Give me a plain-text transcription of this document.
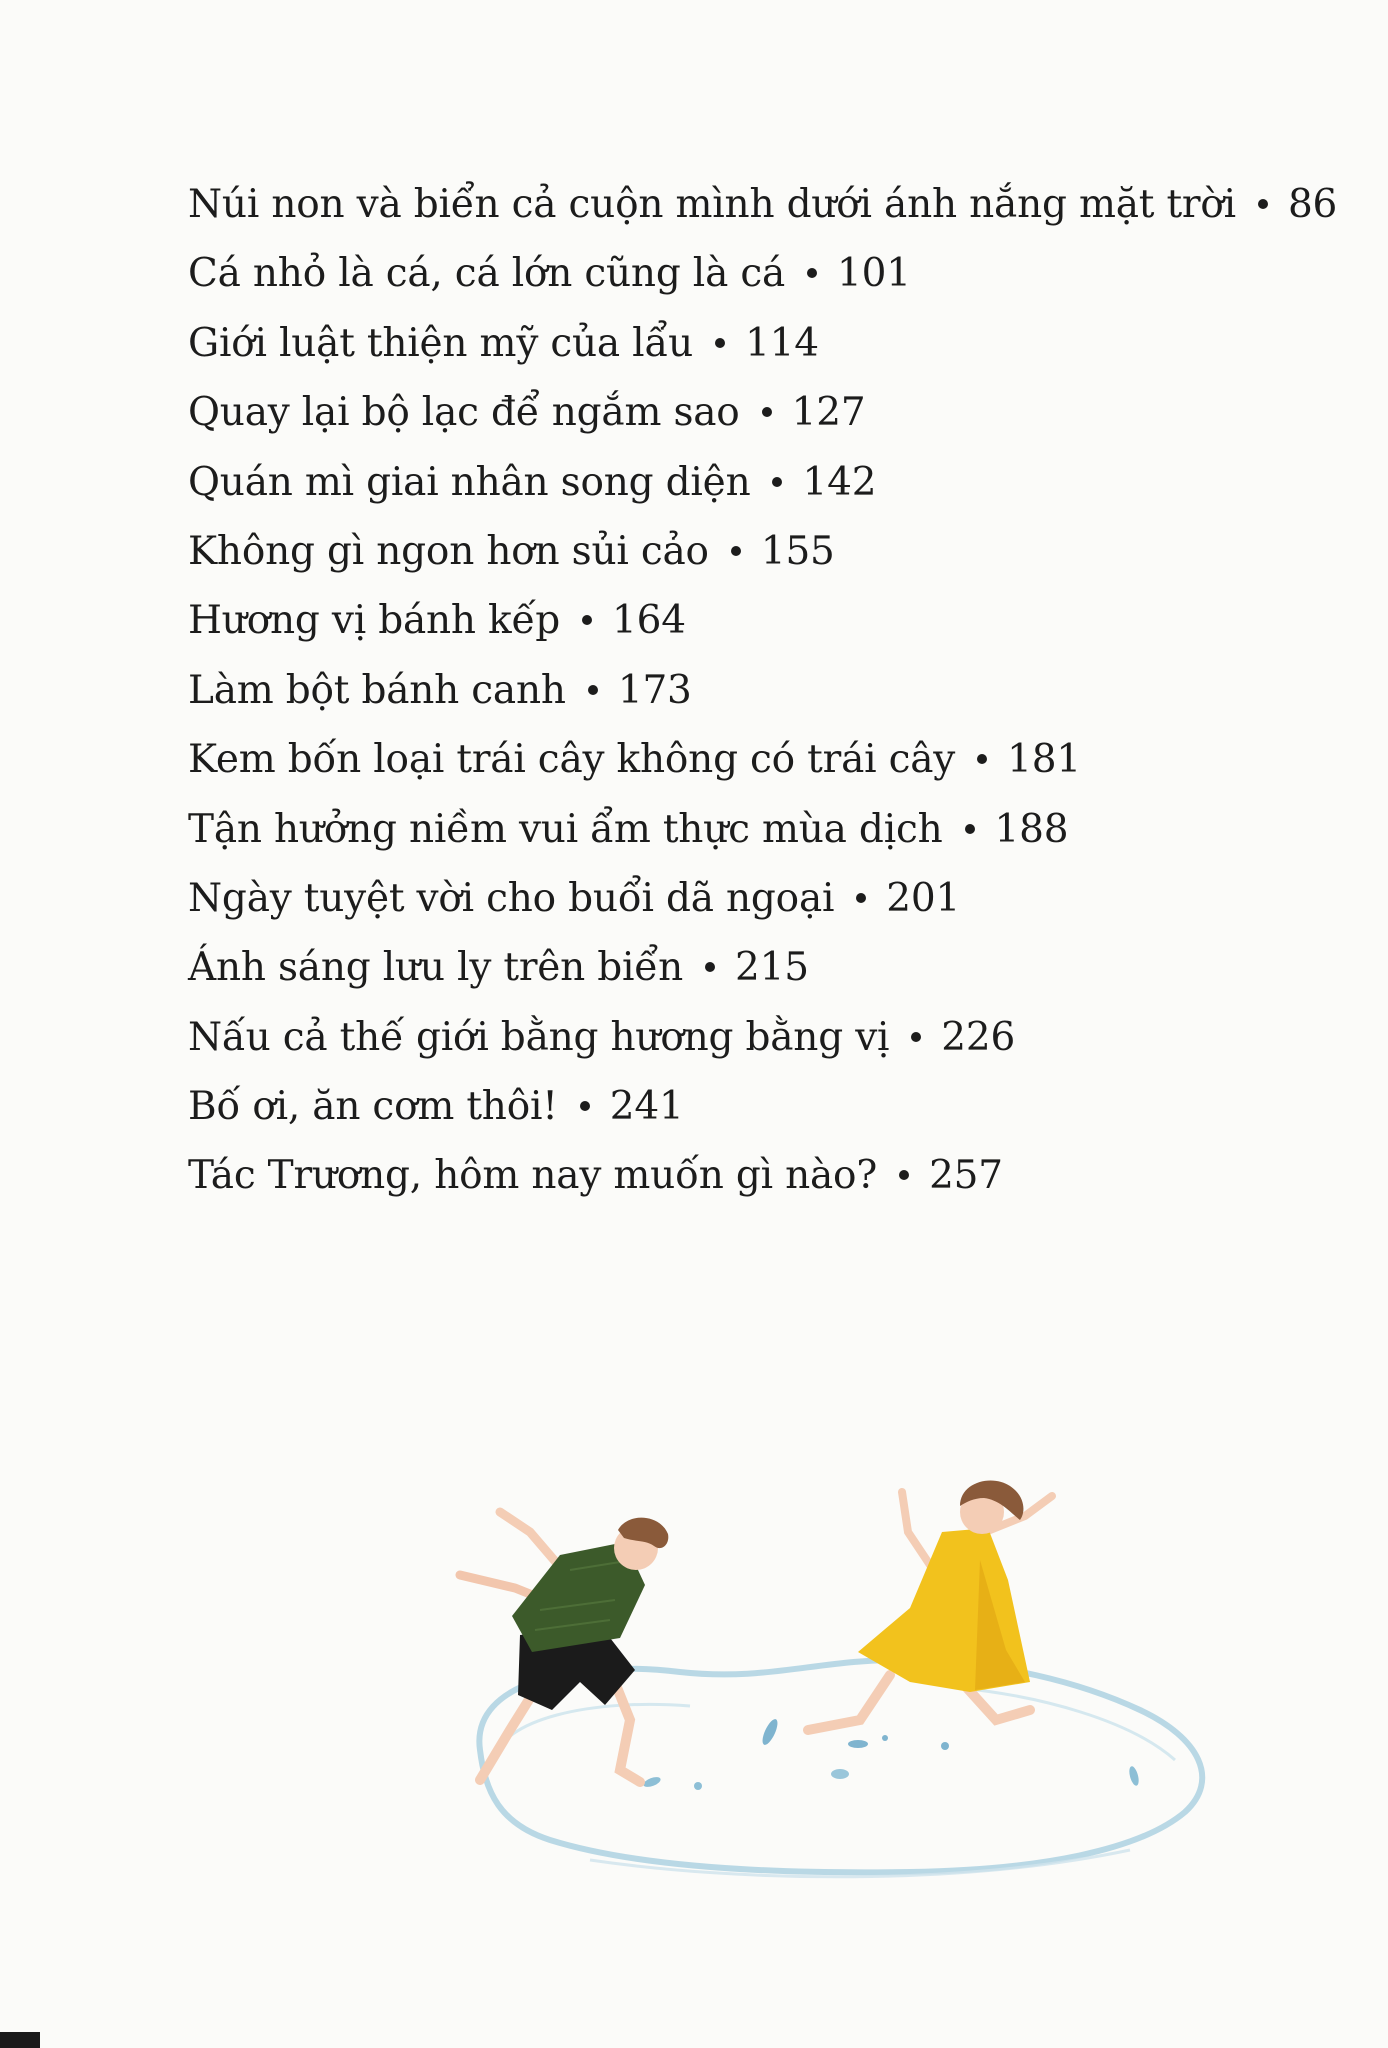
Núi non và biển cả cuộn mình dưới ánh nắng mặt trời 86
Cá nhỏ là cá, cá lớn cũng là cá 101
Giới luật thiện mỹ của lẩu 114
Quay lại bộ lạc để ngắm sao 127
Quán mì giai nhân song diện 142
Không gì ngon hơn sủi cảo 155
Hương vị bánh kếp 164
Làm bột bánh canh 173
Kem bốn loại trái cây không có trái cây 181
Tận hưởng niềm vui ẩm thực mùa dịch 188
Ngày tuyệt vời cho buổi dã ngoại 201
Ánh sáng lưu ly trên biển 215
Nấu cả thế giới bằng hương bằng vị 226
Bố ơi, ăn cơm thôi! 241
Tác Trương, hôm nay muốn gì nào? 257
